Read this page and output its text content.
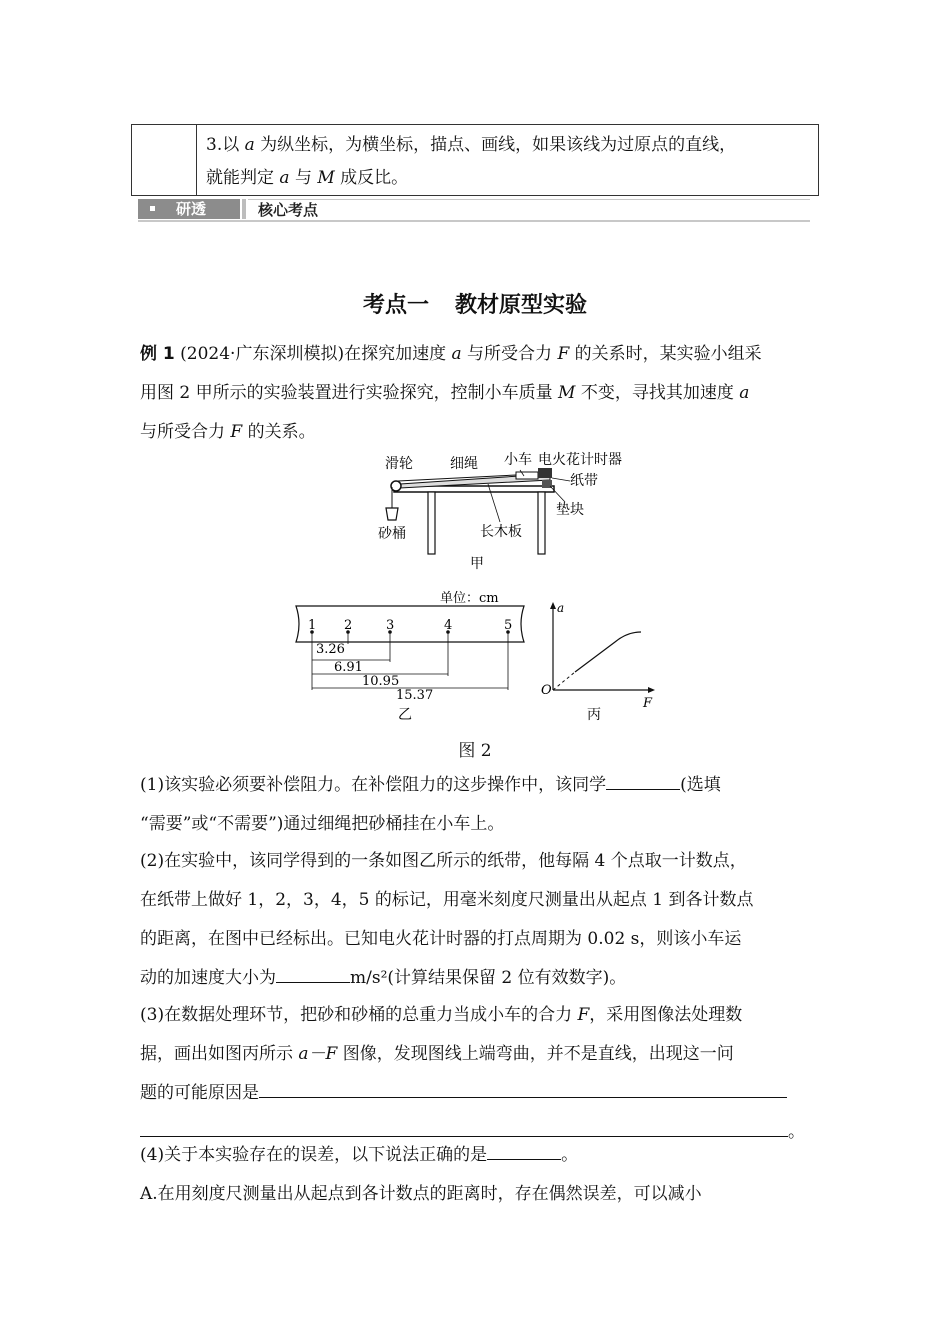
3.以 a 为纵坐标，为横坐标，描点、画线，如果该线为过原点的直线，
就能判定 a 与 M 成反比。
研透	核心考点
考点一 教材原型实验
例 1 (2024·广东深圳模拟)在探究加速度 a 与所受合力 F 的关系时，某实验小组采
用图 2 甲所示的实验装置进行实验探究，控制小车质量 M 不变，寻找其加速度 a
与所受合力 F 的关系。
滑轮	细绳 小车 电火花计时器
纸带
垫块
长木板
砂桶
甲
单位：cm
1 2	3	4	5
3.26
6.91
10.95
15.37
乙
a
F
O
丙
图 2
(1)该实验必须要补偿阻力。在补偿阻力的这步操作中，该同学	(选填
“需要”或“不需要”)通过细绳把砂桶挂在小车上。
(2)在实验中，该同学得到的一条如图乙所示的纸带，他每隔 4 个点取一计数点，
在纸带上做好 1，2，3，4，5 的标记，用毫米刻度尺测量出从起点 1 到各计数点
的距离，在图中已经标出。已知电火花计时器的打点周期为 0.02 s，则该小车运
动的加速度大小为	m/s²(计算结果保留 2 位有效数字)。
(3)在数据处理环节，把砂和砂桶的总重力当成小车的合力 F，采用图像法处理数
据，画出如图丙所示 a－F 图像，发现图线上端弯曲，并不是直线，出现这一问
题的可能原因是
。
(4)关于本实验存在的误差，以下说法正确的是	。
A.在用刻度尺测量出从起点到各计数点的距离时，存在偶然误差，可以减小
